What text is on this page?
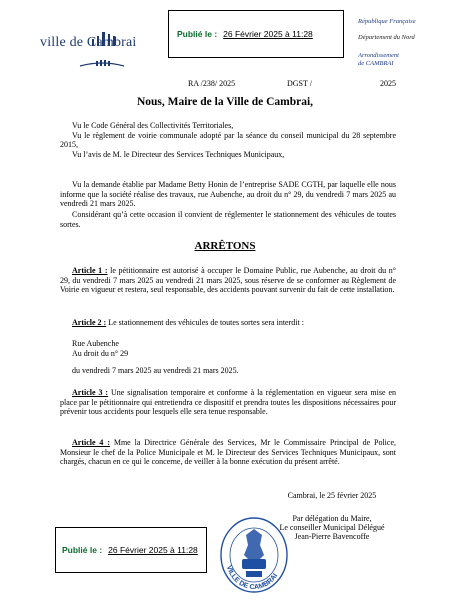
ville de Cambrai
Publié le : 26 Février 2025 à 11:28
République Française
Département du Nord
Arrondissement
de CAMBRAI
RA /238/ 2025	DGST /	2025
Nous, Maire de la Ville de Cambrai,
Vu le Code Général des Collectivités Territoriales,
Vu le règlement de voirie communale adopté par la séance du conseil municipal du 28 septembre 2015,
Vu l’avis de M. le Directeur des Services Techniques Municipaux,
Vu la demande établie par Madame Betty Honin de l’entreprise SADE CGTH, par laquelle elle nous informe que la société réalise des travaux, rue Aubenche, au droit du n° 29, du vendredi 7 mars 2025 au vendredi 21 mars 2025.
Considérant qu’à cette occasion il convient de réglementer le stationnement des véhicules de toutes sortes.
ARRÊTONS
Article 1 : le pétitionnaire est autorisé à occuper le Domaine Public, rue Aubenche, au droit du n° 29, du vendredi 7 mars 2025 au vendredi 21 mars 2025, sous réserve de se conformer au Règlement de Voirie en vigueur et restera, seul responsable, des accidents pouvant survenir du fait de cette installation.
Article 2 : Le stationnement des véhicules de toutes sortes sera interdit :
Rue Aubenche
Au droit du n° 29
du vendredi 7 mars 2025 au vendredi 21 mars 2025.
Article 3 : Une signalisation temporaire et conforme à la réglementation en vigueur sera mise en place par le pétitionnaire qui entretiendra ce dispositif et prendra toutes les dispositions nécessaires pour prévenir tous accidents pour lesquels elle sera tenue responsable.
Article 4 : Mme la Directrice Générale des Services, Mr le Commissaire Principal de Police, Monsieur le chef de la Police Municipale et M. le Directeur des Services Techniques Municipaux, sont chargés, chacun en ce qui le concerne, de veiller à la bonne exécution du présent arrêté.
Cambrai, le 25 février 2025
Par délégation du Maire,
Le conseiller Municipal Délégué
Jean-Pierre Bavencoffe
VILLE DE CAMBRAI
Publié le : 26 Février 2025 à 11:28
